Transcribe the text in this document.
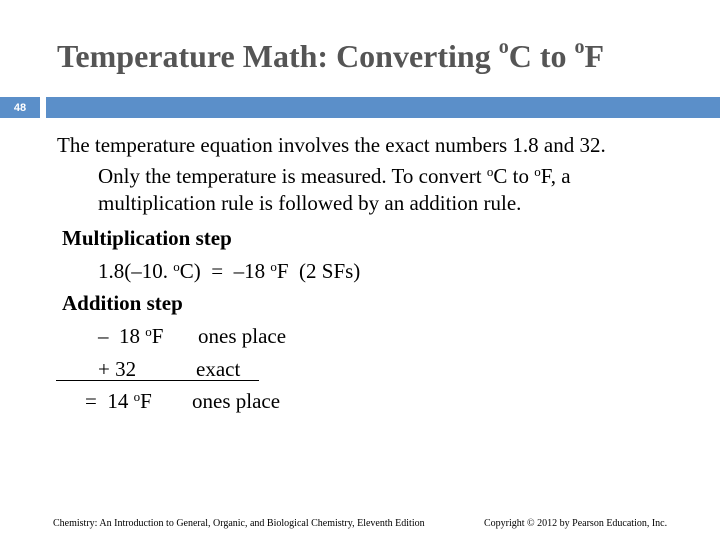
Temperature Math: Converting $^o$C to $^o$F
48
The temperature equation involves the exact numbers 1.8 and 32.
Only the temperature is measured. To convert $^o$C to $^o$F, a
multiplication rule is followed by an addition rule.
Multiplication step
1.8(–10. $^o$C)  =  –18 $^o$F  (2 SFs)
Addition step
–  18 $^o$F ones place
+ 32	exact
=  14 $^o$F ones place
Chemistry: An Introduction to General, Organic, and Biological Chemistry, Eleventh Edition	Copyright © 2012 by Pearson Education, Inc.
